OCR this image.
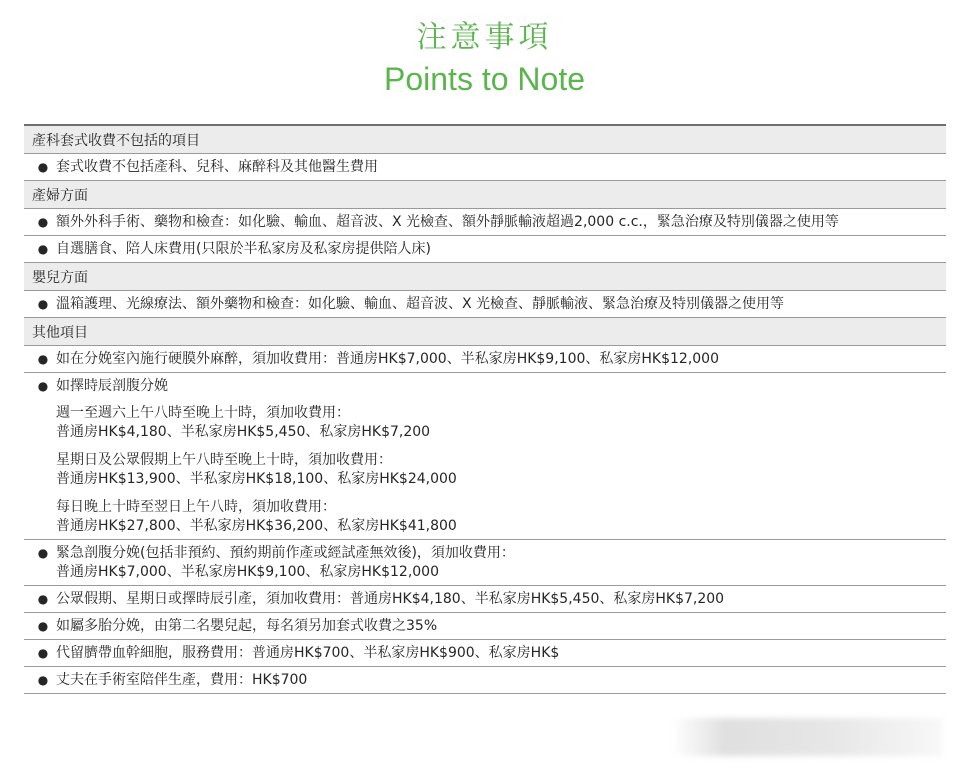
注意事項
Points to Note
產科套式收費不包括的項目
● 套式收費不包括產科、兒科、麻醉科及其他醫生費用
產婦方面
● 額外外科手術、藥物和檢查：如化驗、輸血、超音波、X 光檢查、額外靜脈輸液超過2,000 c.c.，緊急治療及特別儀器之使用等
● 自選膳食、陪人床費用(只限於半私家房及私家房提供陪人床)
嬰兒方面
● 溫箱護理、光線療法、額外藥物和檢查：如化驗、輸血、超音波、X 光檢查、靜脈輸液、緊急治療及特別儀器之使用等
其他項目
● 如在分娩室內施行硬膜外麻醉，須加收費用：普通房HK$7,000、半私家房HK$9,100、私家房HK$12,000
● 如擇時辰剖腹分娩
週一至週六上午八時至晚上十時，須加收費用：
普通房HK$4,180、半私家房HK$5,450、私家房HK$7,200
星期日及公眾假期上午八時至晚上十時，須加收費用：
普通房HK$13,900、半私家房HK$18,100、私家房HK$24,000
每日晚上十時至翌日上午八時，須加收費用：
普通房HK$27,800、半私家房HK$36,200、私家房HK$41,800
● 緊急剖腹分娩(包括非預約、預約期前作產或經試產無效後)，須加收費用：
普通房HK$7,000、半私家房HK$9,100、私家房HK$12,000
● 公眾假期、星期日或擇時辰引產，須加收費用：普通房HK$4,180、半私家房HK$5,450、私家房HK$7,200
● 如屬多胎分娩，由第二名嬰兒起，每名須另加套式收費之35%
● 代留臍帶血幹細胞，服務費用：普通房HK$700、半私家房HK$900、私家房HK$
● 丈夫在手術室陪伴生產，費用：HK$700
